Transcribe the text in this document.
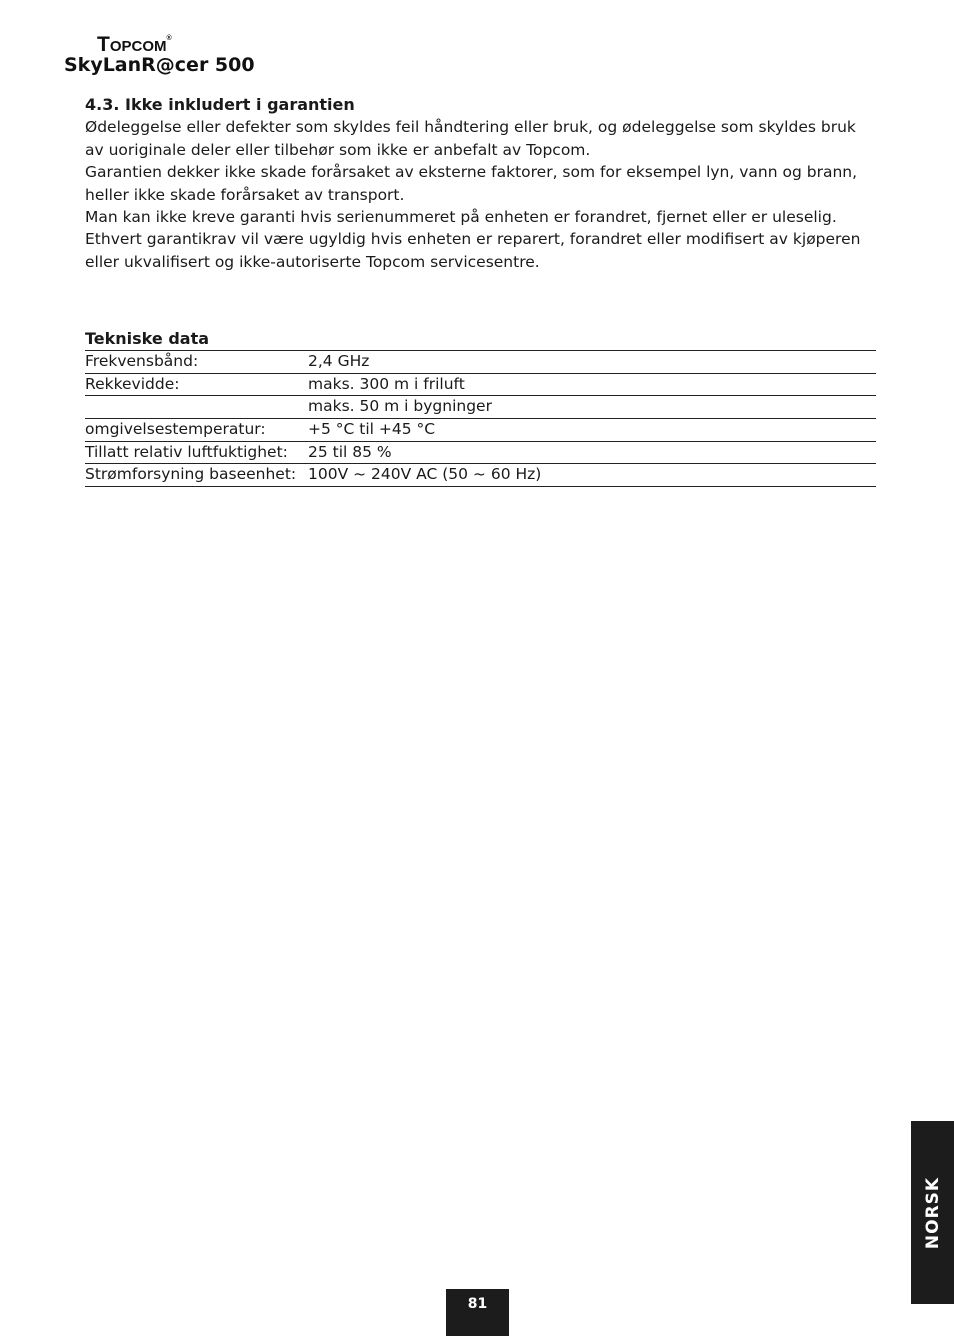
Topcom®
SkyLanR@cer 500
4.3. Ikke inkludert i garantien

Ødeleggelse eller defekter som skyldes feil håndtering eller bruk, og ødeleggelse som skyldes bruk av uoriginale deler eller tilbehør som ikke er anbefalt av Topcom.

Garantien dekker ikke skade forårsaket av eksterne faktorer, som for eksempel lyn, vann og brann, heller ikke skade forårsaket av transport.

Man kan ikke kreve garanti hvis serienummeret på enheten er forandret, fjernet eller er uleselig.

Ethvert garantikrav vil være ugyldig hvis enheten er reparert, forandret eller modifisert av kjøperen eller ukvalifisert og ikke-autoriserte Topcom servicesentre.

Tekniske data
Frekvensbånd:	2,4 GHz
Rekkevidde:	maks. 300 m i friluft
	maks. 50 m i bygninger
omgivelsestemperatur:	+5 °C til +45 °C
Tillatt relativ luftfuktighet:	25 til 85 %
Strømforsyning baseenhet:	100V ~ 240V AC (50 ~ 60 Hz)
NORSK
81
